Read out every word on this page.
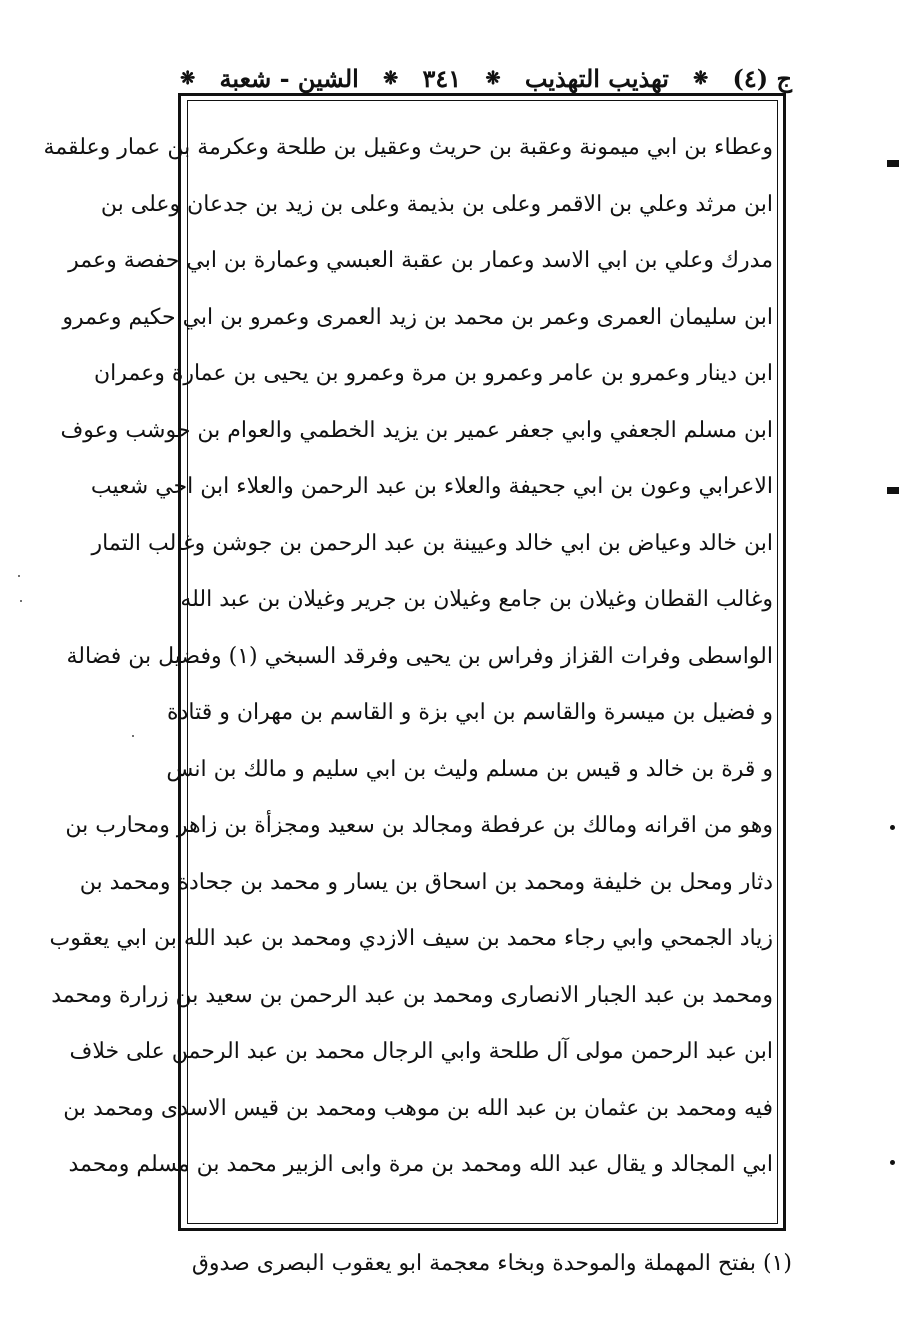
ج (٤)
❋
تهذيب التهذيب
❋
٣٤١
❋
الشين - شعبة
❋
وعطاء بن ابي ميمونة وعقبة بن حريث وعقيل بن طلحة وعكرمة بن عمار وعلقمة
ابن مرثد وعلي بن الاقمر وعلى بن بذيمة وعلى بن زيد بن جدعان وعلى بن
مدرك وعلي بن ابي الاسد وعمار بن عقبة العبسي وعمارة بن ابي حفصة وعمر
ابن سليمان العمرى وعمر بن محمد بن زيد العمرى وعمرو بن ابي حكيم وعمرو
ابن دينار وعمرو بن عامر وعمرو بن مرة وعمرو بن يحيى بن عمارة وعمران
ابن مسلم الجعفي وابي جعفر عمير بن يزيد الخطمي والعوام بن حوشب وعوف
الاعرابي وعون بن ابي جحيفة والعلاء بن عبد الرحمن والعلاء ابن اخي شعيب
ابن خالد وعياض بن ابي خالد وعيينة بن عبد الرحمن بن جوشن وغالب التمار
وغالب القطان وغيلان بن جامع وغيلان بن جرير وغيلان بن عبد الله
الواسطى وفرات القزاز وفراس بن يحيى وفرقد السبخي (١) وفضيل بن فضالة
و فضيل بن ميسرة والقاسم بن ابي بزة و القاسم بن مهران و قتادة
و قرة بن خالد و قيس بن مسلم وليث بن ابي سليم و مالك بن انس
وهو من اقرانه ومالك بن عرفطة ومجالد بن سعيد ومجزأة بن زاهر ومحارب بن
دثار ومحل بن خليفة ومحمد بن اسحاق بن يسار و محمد بن جحادة ومحمد بن
زياد الجمحي وابي رجاء محمد بن سيف الازدي ومحمد بن عبد الله بن ابي يعقوب
ومحمد بن عبد الجبار الانصارى ومحمد بن عبد الرحمن بن سعيد بن زرارة ومحمد
ابن عبد الرحمن مولى آل طلحة وابي الرجال محمد بن عبد الرحمن على خلاف
فيه ومحمد بن عثمان بن عبد الله بن موهب ومحمد بن قيس الاسدى ومحمد بن
ابي المجالد و يقال عبد الله ومحمد بن مرة وابى الزبير محمد بن مسلم ومحمد
(١) بفتح المهملة والموحدة وبخاء معجمة ابو يعقوب البصرى صدوق
